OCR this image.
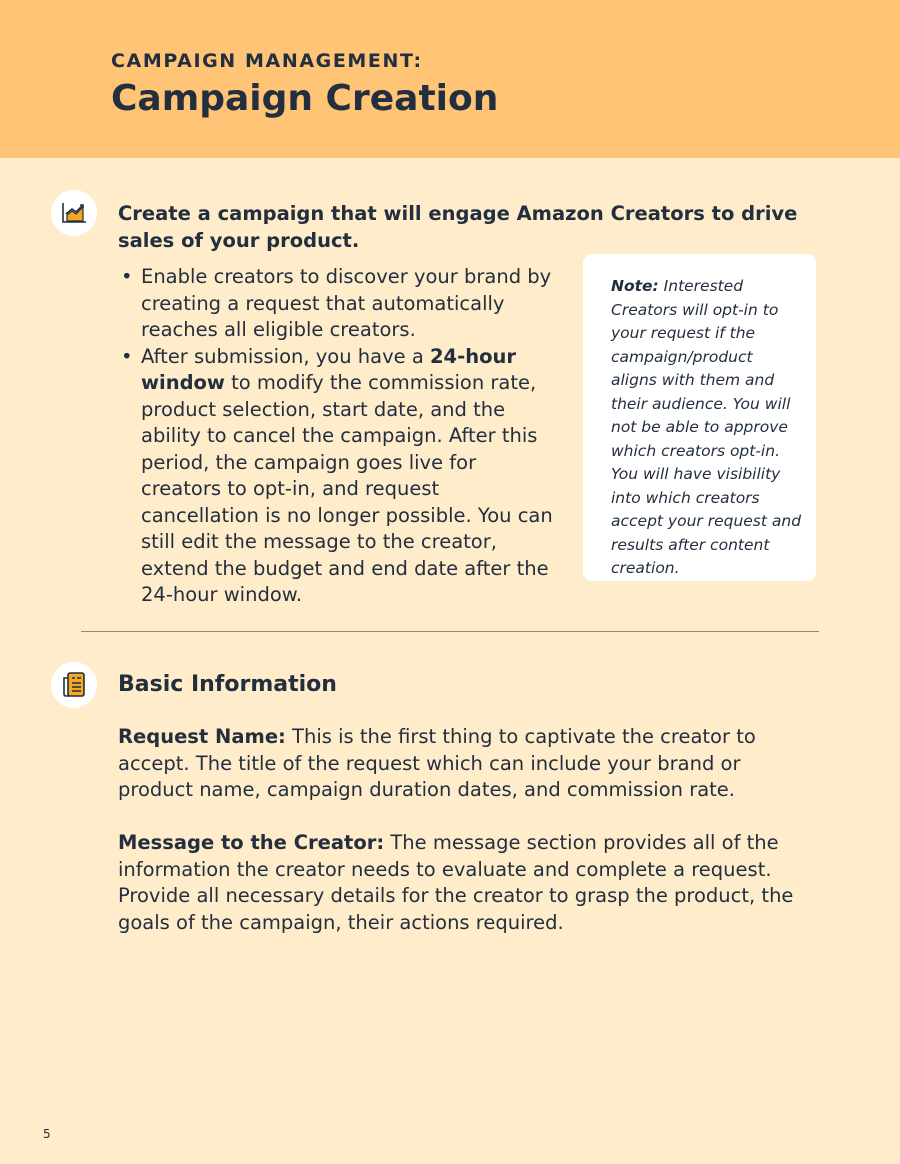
CAMPAIGN MANAGEMENT:
Campaign Creation
Create a campaign that will engage Amazon Creators to drive sales of your product.
• Enable creators to discover your brand by creating a request that automatically reaches all eligible creators.
• After submission, you have a 24-hour window to modify the commission rate, product selection, start date, and the ability to cancel the campaign. After this period, the campaign goes live for creators to opt-in, and request cancellation is no longer possible. You can still edit the message to the creator, extend the budget and end date after the 24-hour window.
Note: Interested Creators will opt-in to your request if the campaign/product aligns with them and their audience. You will not be able to approve which creators opt-in. You will have visibility into which creators accept your request and results after content creation.
Basic Information

Request Name: This is the first thing to captivate the creator to accept. The title of the request which can include your brand or product name, campaign duration dates, and commission rate.

Message to the Creator: The message section provides all of the information the creator needs to evaluate and complete a request. Provide all necessary details for the creator to grasp the product, the goals of the campaign, their actions required.

5
